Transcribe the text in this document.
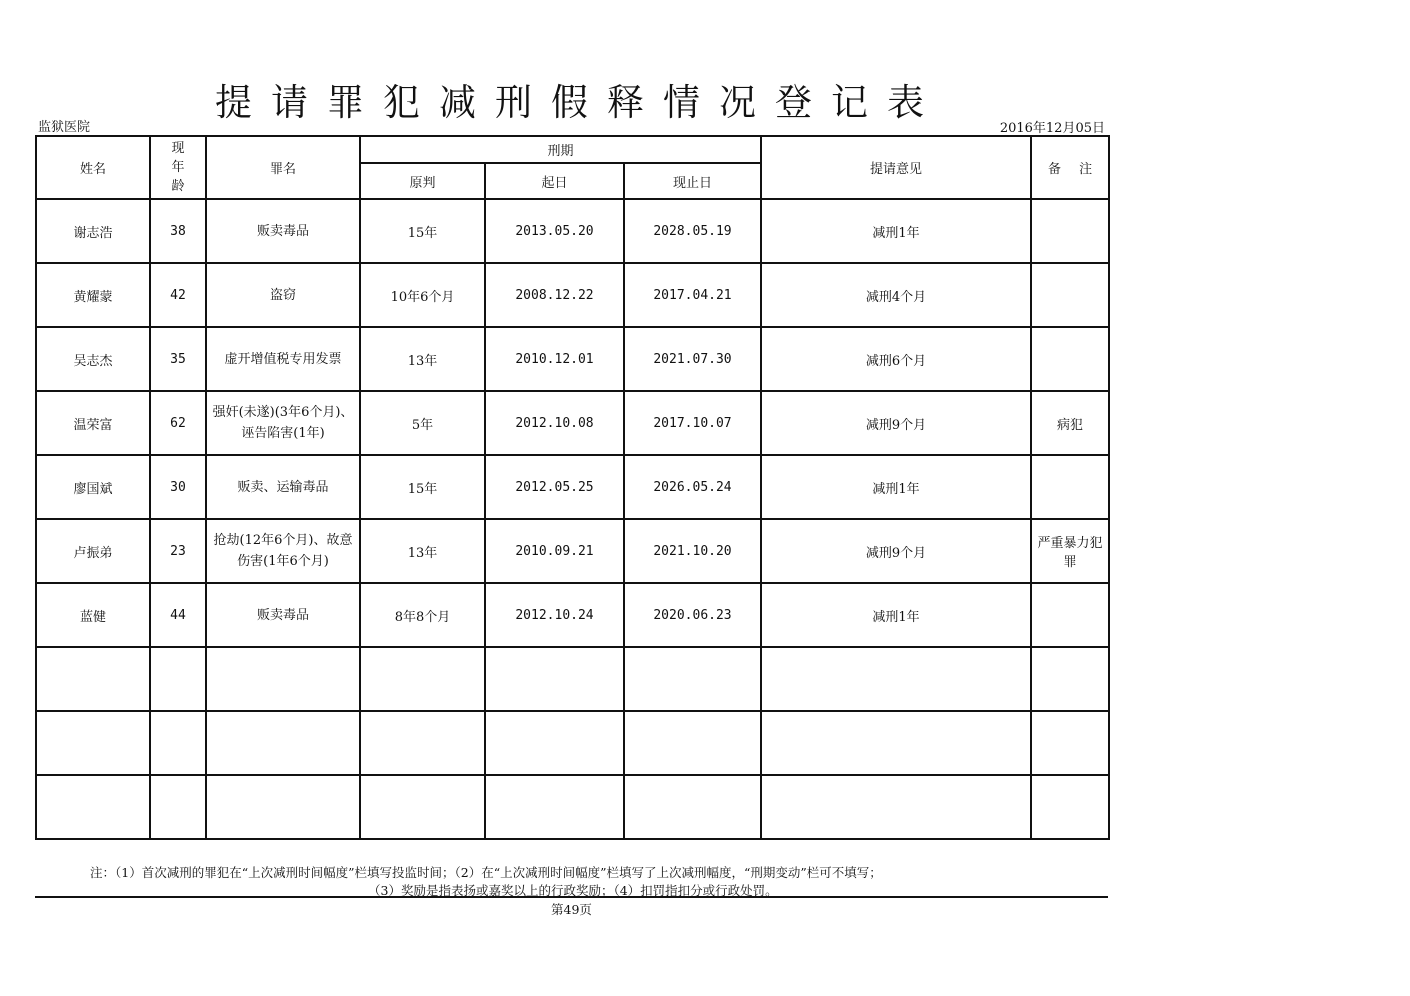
提请罪犯减刑假释情况登记表
监狱医院	2016年12月05日
姓名	现年龄	罪名	刑期			提请意见	备 注
			原判	起日	现止日		
谢志浩	38	贩卖毒品	15年	2013.05.20	2028.05.19	减刑1年	
黄耀蒙	42	盗窃	10年6个月	2008.12.22	2017.04.21	减刑4个月	
吴志杰	35	虚开增值税专用发票	13年	2010.12.01	2021.07.30	减刑6个月	
温荣富	62	强奸(未遂)(3年6个月)、诬告陷害(1年)	5年	2012.10.08	2017.10.07	减刑9个月	病犯
廖国斌	30	贩卖、运输毒品	15年	2012.05.25	2026.05.24	减刑1年	
卢振弟	23	抢劫(12年6个月)、故意伤害(1年6个月)	13年	2010.09.21	2021.10.20	减刑9个月	严重暴力犯罪
蓝健	44	贩卖毒品	8年8个月	2012.10.24	2020.06.23	减刑1年	

注：（1）首次减刑的罪犯在“上次减刑时间幅度”栏填写投监时间；（2）在“上次减刑时间幅度”栏填写了上次减刑幅度，“刑期变动”栏可不填写；
（3）奖励是指表扬或嘉奖以上的行政奖励；（4）扣罚指扣分或行政处罚。
第49页
